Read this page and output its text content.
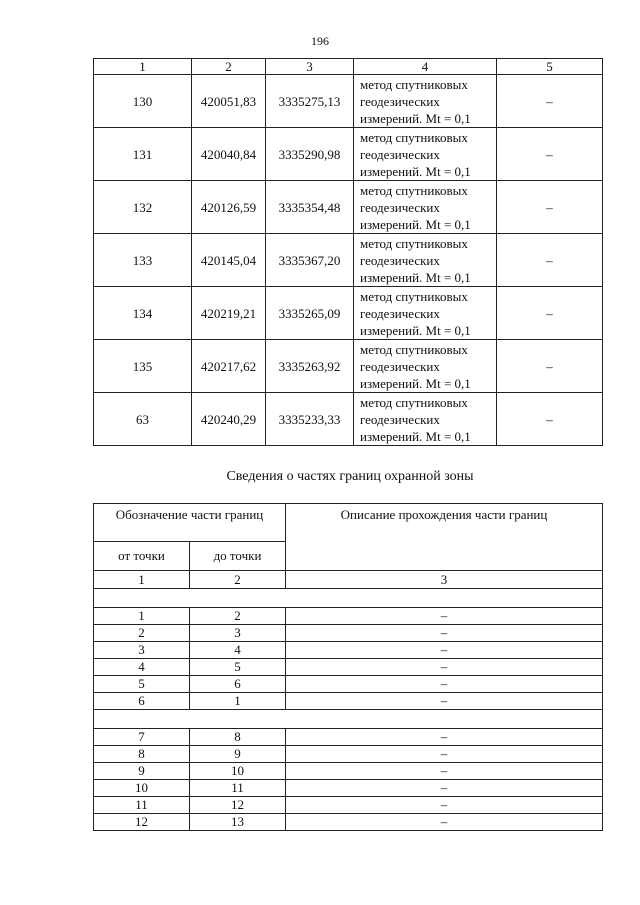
196
1	2	3	4	5
130	420051,83	3335275,13	метод спутниковых геодезических измерений. Mt = 0,1	–
131	420040,84	3335290,98	метод спутниковых геодезических измерений. Mt = 0,1	–
132	420126,59	3335354,48	метод спутниковых геодезических измерений. Mt = 0,1	–
133	420145,04	3335367,20	метод спутниковых геодезических измерений. Mt = 0,1	–
134	420219,21	3335265,09	метод спутниковых геодезических измерений. Mt = 0,1	–
135	420217,62	3335263,92	метод спутниковых геодезических измерений. Mt = 0,1	–
63	420240,29	3335233,33	метод спутниковых геодезических измерений. Mt = 0,1	–
Сведения о частях границ охранной зоны
Обозначение части границ		Описание прохождения части границ
от точки	до точки	
1	2	3

1	2	–
2	3	–
3	4	–
4	5	–
5	6	–
6	1	–

7	8	–
8	9	–
9	10	–
10	11	–
11	12	–
12	13	–
